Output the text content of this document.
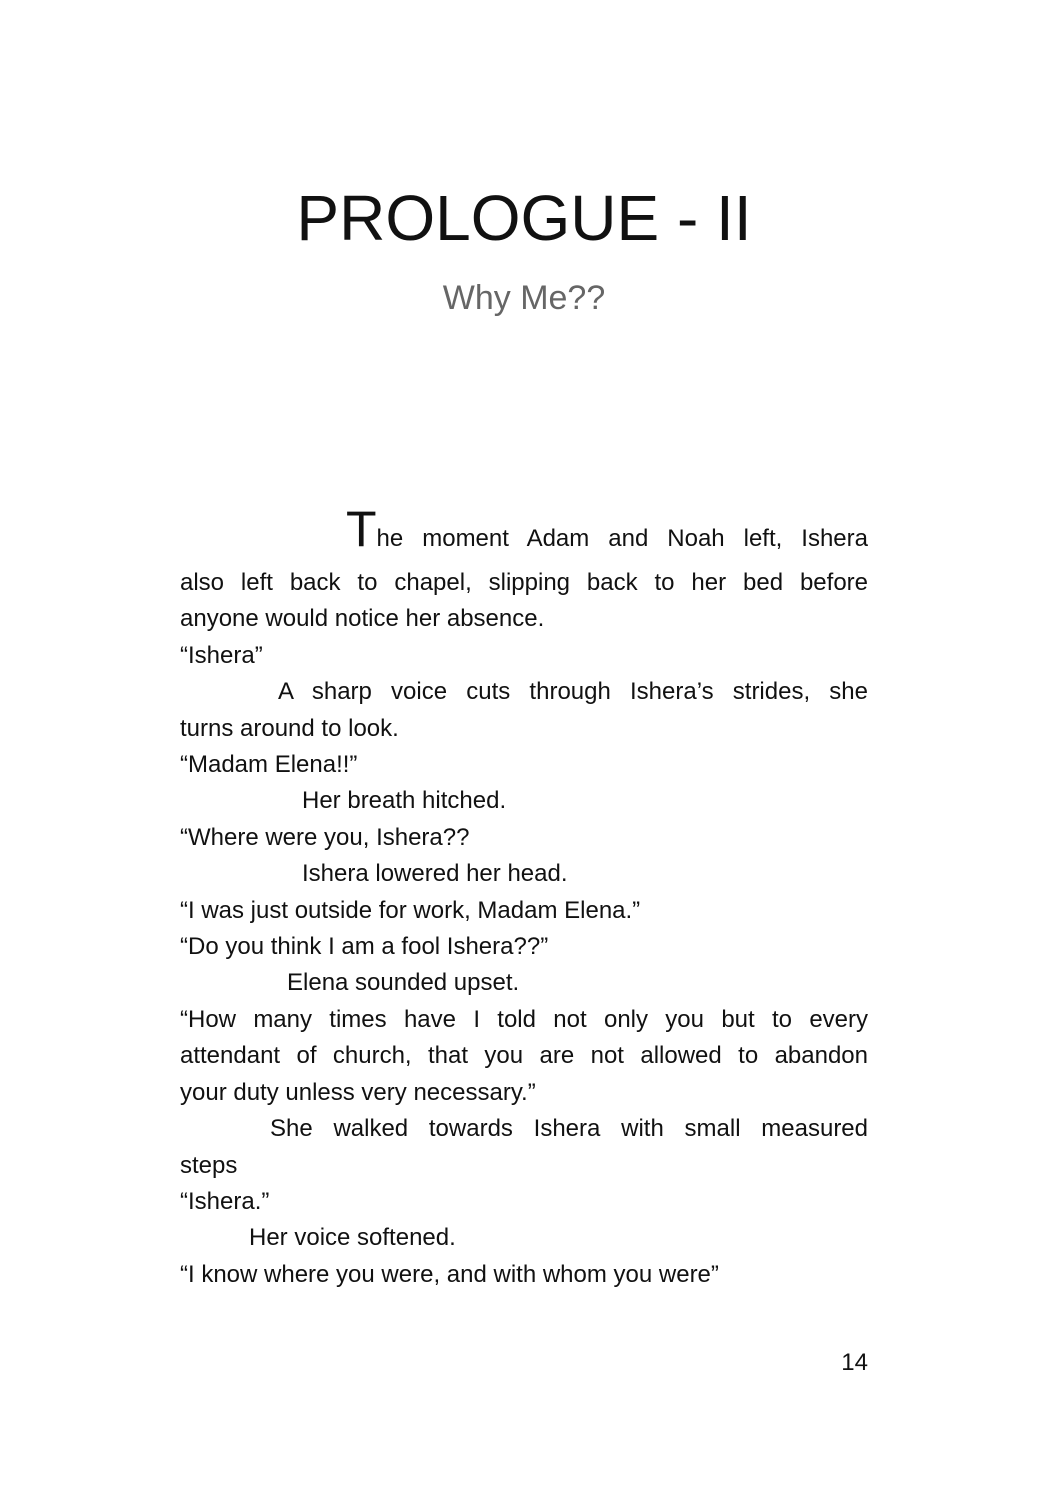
PROLOGUE - II
Why Me??
The moment Adam and Noah left, Ishera
also left back to chapel, slipping back to her bed before
anyone would notice her absence.
“Ishera”
A sharp voice cuts through Ishera’s strides, she
turns around to look.
“Madam Elena!!”
Her breath hitched.
“Where were you, Ishera??
Ishera lowered her head.
“I was just outside for work, Madam Elena.”
“Do you think I am a fool Ishera??”
Elena sounded upset.
“How many times have I told not only you but to every
attendant of church, that you are not allowed to abandon
your duty unless very necessary.”
She walked towards Ishera with small measured
steps
“Ishera.”
Her voice softened.
“I know where you were, and with whom you were”
14
